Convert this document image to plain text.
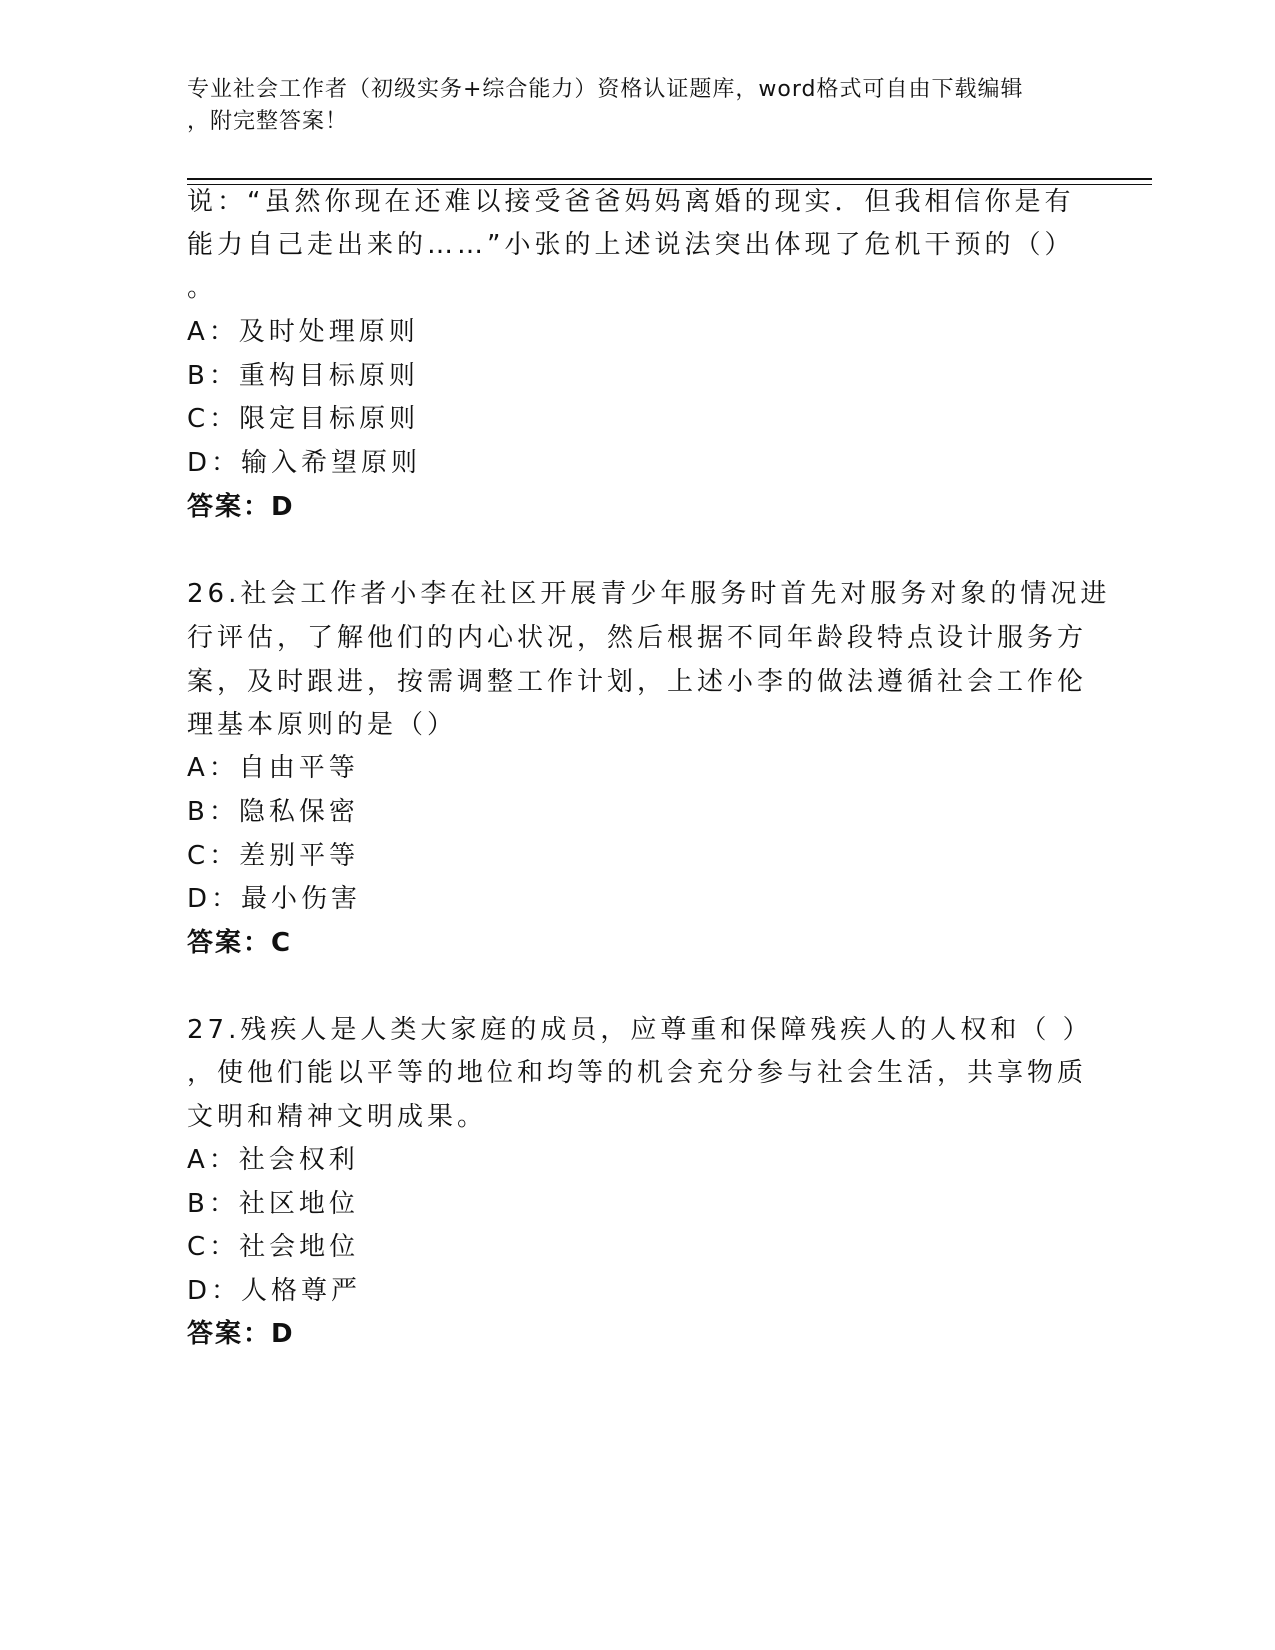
专业社会工作者（初级实务+综合能力）资格认证题库，word格式可自由下载编辑
，附完整答案！
说：“虽然你现在还难以接受爸爸妈妈离婚的现实．但我相信你是有
能力自己走出来的……”小张的上述说法突出体现了危机干预的（）
。
A：及时处理原则
B：重构目标原则
C：限定目标原则
D：输入希望原则
答案：D
26.社会工作者小李在社区开展青少年服务时首先对服务对象的情况进
行评估，了解他们的内心状况，然后根据不同年龄段特点设计服务方
案，及时跟进，按需调整工作计划，上述小李的做法遵循社会工作伦
理基本原则的是（）
A：自由平等
B：隐私保密
C：差别平等
D：最小伤害
答案：C
27.残疾人是人类大家庭的成员，应尊重和保障残疾人的人权和（ ）
，使他们能以平等的地位和均等的机会充分参与社会生活，共享物质
文明和精神文明成果。
A：社会权利
B：社区地位
C：社会地位
D：人格尊严
答案：D
